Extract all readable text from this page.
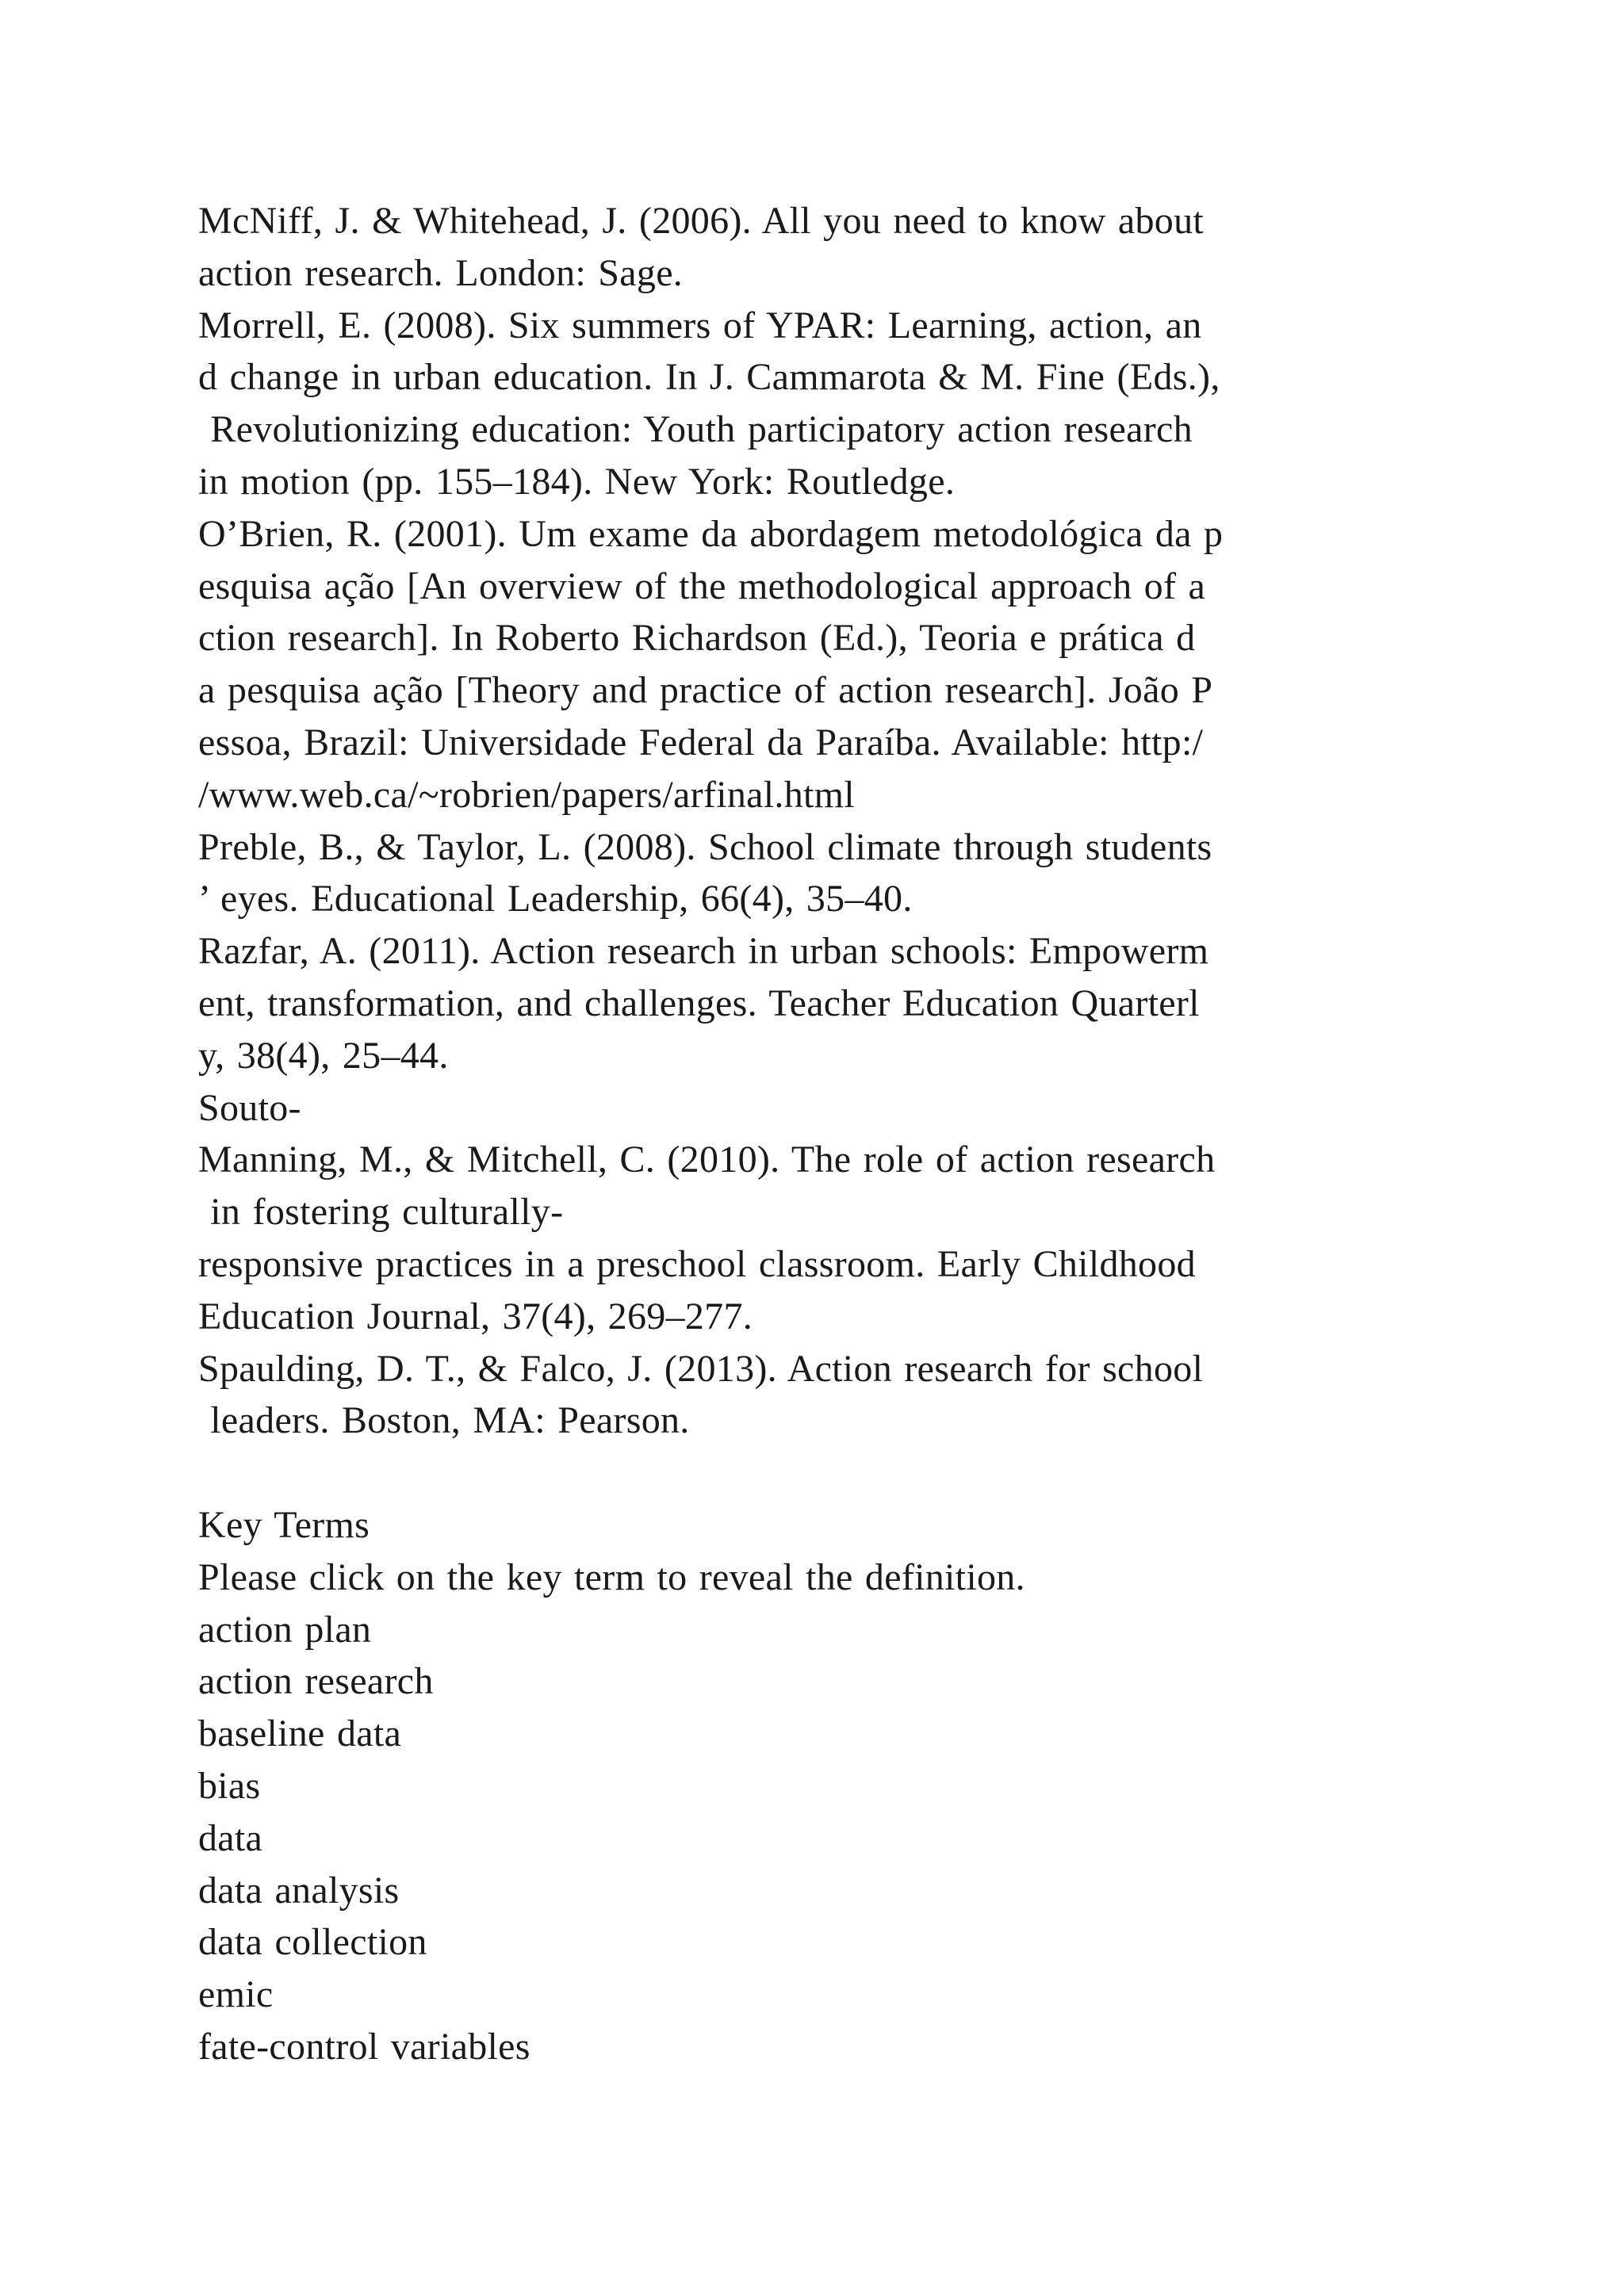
McNiff, J. & Whitehead, J. (2006). All you need to know about
action research. London: Sage.
Morrell, E. (2008). Six summers of YPAR: Learning, action, an
d change in urban education. In J. Cammarota & M. Fine (Eds.),
Revolutionizing education: Youth participatory action research
in motion (pp. 155–184). New York: Routledge.
O’Brien, R. (2001). Um exame da abordagem metodológica da p
esquisa ação [An overview of the methodological approach of a
ction research]. In Roberto Richardson (Ed.), Teoria e prática d
a pesquisa ação [Theory and practice of action research]. João P
essoa, Brazil: Universidade Federal da Paraíba. Available: http:/
/www.web.ca/~robrien/papers/arfinal.html
Preble, B., & Taylor, L. (2008). School climate through students
’ eyes. Educational Leadership, 66(4), 35–40.
Razfar, A. (2011). Action research in urban schools: Empowerm
ent, transformation, and challenges. Teacher Education Quarterl
y, 38(4), 25–44.
Souto-
Manning, M., & Mitchell, C. (2010). The role of action research
in fostering culturally-
responsive practices in a preschool classroom. Early Childhood
Education Journal, 37(4), 269–277.
Spaulding, D. T., & Falco, J. (2013). Action research for school
leaders. Boston, MA: Pearson.
Key Terms
Please click on the key term to reveal the definition.
action plan
action research
baseline data
bias
data
data analysis
data collection
emic
fate-control variables
